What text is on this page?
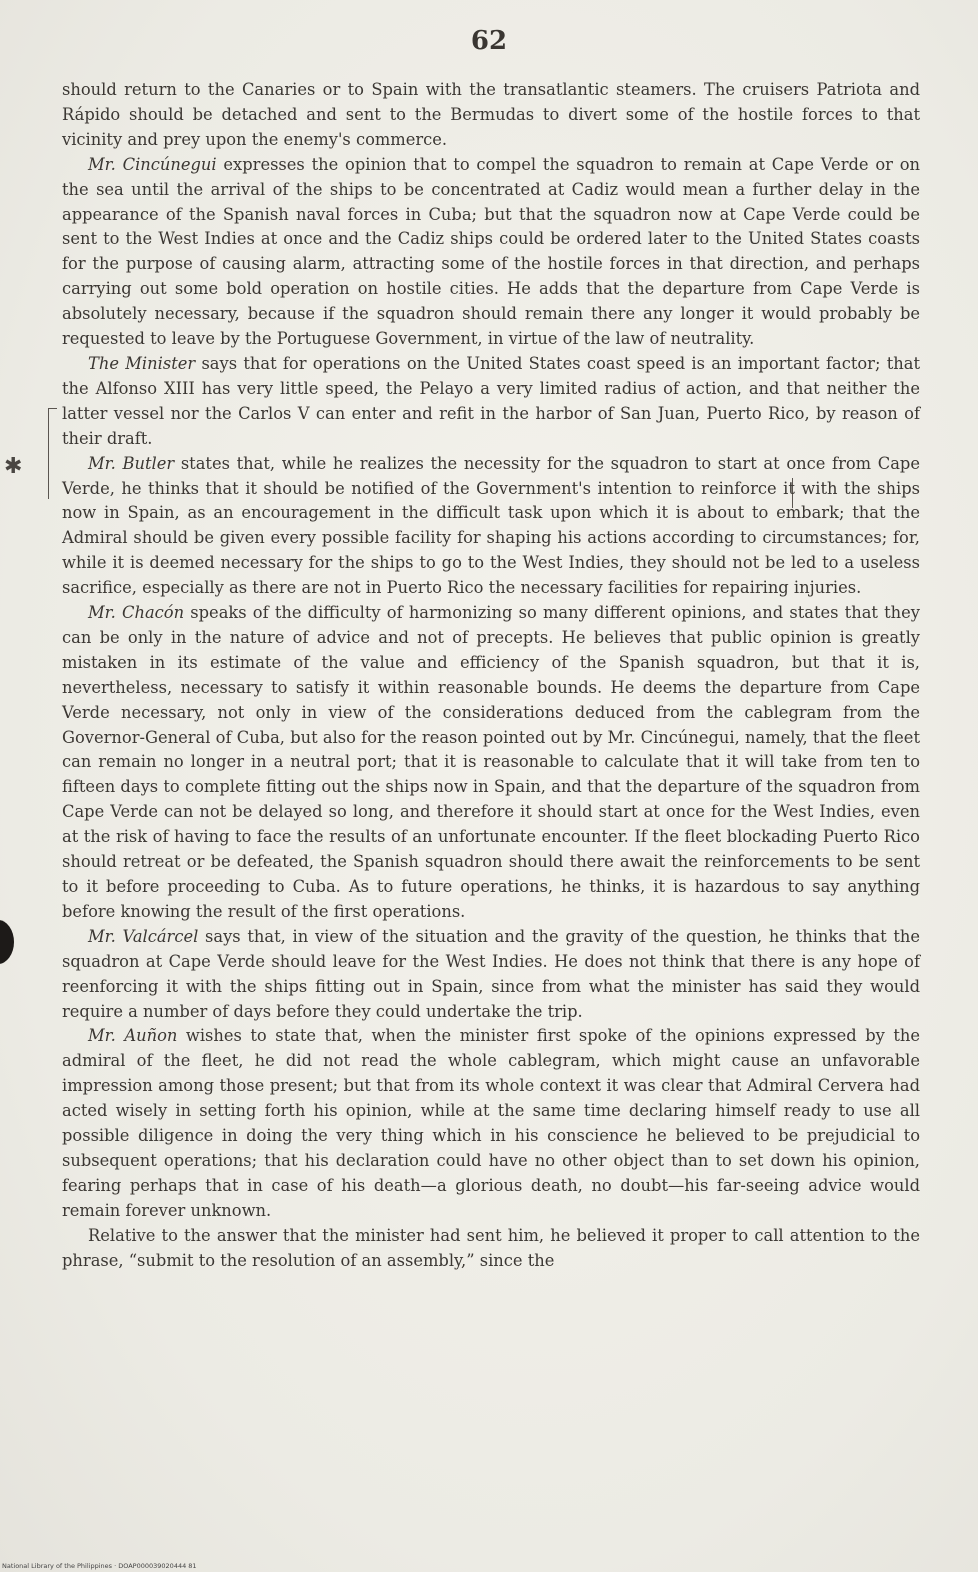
62
✱

should return to the Canaries or to Spain with the transatlantic steamers. The cruisers Patriota and Rápido should be detached and sent to the Bermudas to divert some of the hostile forces to that vicinity and prey upon the enemy's commerce.

Mr. Cincúnegui expresses the opinion that to compel the squadron to remain at Cape Verde or on the sea until the arrival of the ships to be concentrated at Cadiz would mean a further delay in the appearance of the Spanish naval forces in Cuba; but that the squadron now at Cape Verde could be sent to the West Indies at once and the Cadiz ships could be ordered later to the United States coasts for the purpose of causing alarm, attracting some of the hostile forces in that direction, and perhaps carrying out some bold operation on hostile cities. He adds that the departure from Cape Verde is absolutely necessary, because if the squadron should remain there any longer it would probably be requested to leave by the Portuguese Government, in virtue of the law of neutrality.

The Minister says that for operations on the United States coast speed is an important factor; that the Alfonso XIII has very little speed, the Pelayo a very limited radius of action, and that neither the latter vessel nor the Carlos V can enter and refit in the harbor of San Juan, Puerto Rico, by reason of their draft.

Mr. Butler states that, while he realizes the necessity for the squadron to start at once from Cape Verde, he thinks that it should be notified of the Government's intention to reinforce it with the ships now in Spain, as an encouragement in the difficult task upon which it is about to embark; that the Admiral should be given every possible facility for shaping his actions according to circumstances; for, while it is deemed necessary for the ships to go to the West Indies, they should not be led to a useless sacrifice, especially as there are not in Puerto Rico the necessary facilities for repairing injuries.

Mr. Chacón speaks of the difficulty of harmonizing so many different opinions, and states that they can be only in the nature of advice and not of precepts. He believes that public opinion is greatly mistaken in its estimate of the value and efficiency of the Spanish squadron, but that it is, nevertheless, necessary to satisfy it within reasonable bounds. He deems the departure from Cape Verde necessary, not only in view of the considerations deduced from the cablegram from the Governor-General of Cuba, but also for the reason pointed out by Mr. Cincúnegui, namely, that the fleet can remain no longer in a neutral port; that it is reasonable to calculate that it will take from ten to fifteen days to complete fitting out the ships now in Spain, and that the departure of the squadron from Cape Verde can not be delayed so long, and therefore it should start at once for the West Indies, even at the risk of having to face the results of an unfortunate encounter. If the fleet blockading Puerto Rico should retreat or be defeated, the Spanish squadron should there await the reinforcements to be sent to it before proceeding to Cuba. As to future operations, he thinks, it is hazardous to say anything before knowing the result of the first operations.

Mr. Valcárcel says that, in view of the situation and the gravity of the question, he thinks that the squadron at Cape Verde should leave for the West Indies. He does not think that there is any hope of reenforcing it with the ships fitting out in Spain, since from what the minister has said they would require a number of days before they could undertake the trip.

Mr. Auñon wishes to state that, when the minister first spoke of the opinions expressed by the admiral of the fleet, he did not read the whole cablegram, which might cause an unfavorable impression among those present; but that from its whole context it was clear that Admiral Cervera had acted wisely in setting forth his opinion, while at the same time declaring himself ready to use all possible diligence in doing the very thing which in his conscience he believed to be prejudicial to subsequent operations; that his declaration could have no other object than to set down his opinion, fearing perhaps that in case of his death—a glorious death, no doubt—his far-seeing advice would remain forever unknown.

Relative to the answer that the minister had sent him, he believed it proper to call attention to the phrase, “submit to the resolution of an assembly,” since the

National Library of the Philippines · DOAP000039020444 81
